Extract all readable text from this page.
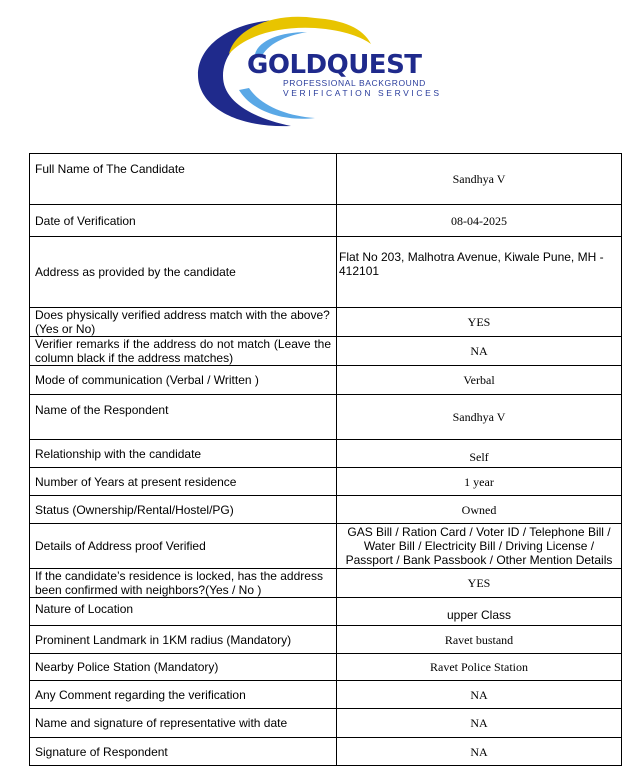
GOLDQUEST
PROFESSIONAL BACKGROUND
VERIFICATION SERVICES
Full Name of The Candidate	Sandhya V
Date of Verification	08-04-2025
Address as provided by the candidate	Flat No 203, Malhotra Avenue, Kiwale Pune, MH - 412101
Does physically verified address match with the above? (Yes or No)	YES
Verifier remarks if the address do not match (Leave the column black if the address matches)	NA
Mode of communication (Verbal / Written )	Verbal
Name of the Respondent	Sandhya V
Relationship with the candidate	Self
Number of Years at present residence	1 year
Status (Ownership/Rental/Hostel/PG)	Owned
Details of Address proof Verified	GAS Bill / Ration Card / Voter ID / Telephone Bill / Water Bill / Electricity Bill / Driving License / Passport / Bank Passbook / Other Mention Details
If the candidate’s residence is locked, has the address been confirmed with neighbors?(Yes / No )	YES
Nature of Location	upper Class
Prominent Landmark in 1KM radius (Mandatory)	Ravet bustand
Nearby Police Station (Mandatory)	Ravet Police Station
Any Comment regarding the verification	NA
Name and signature of representative with date	NA
Signature of Respondent	NA
